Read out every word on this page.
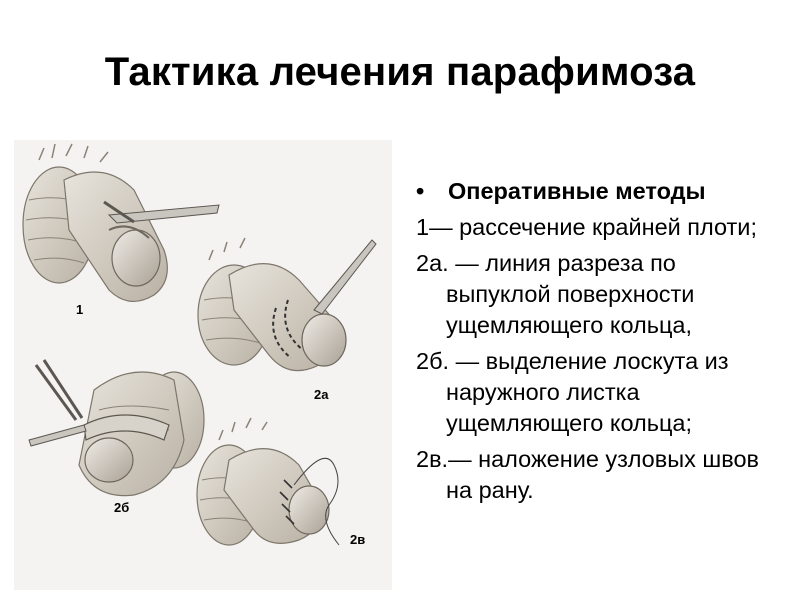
Тактика лечения парафимоза
1
2а
2б
2в
•	Оперативные методы
1— рассечение крайней плоти;
2а. — линия разреза по выпуклой поверхности ущемляющего кольца,
2б. — выделение лоскута из наружного листка ущемляющего кольца;
2в.— наложение узловых швов на рану.
